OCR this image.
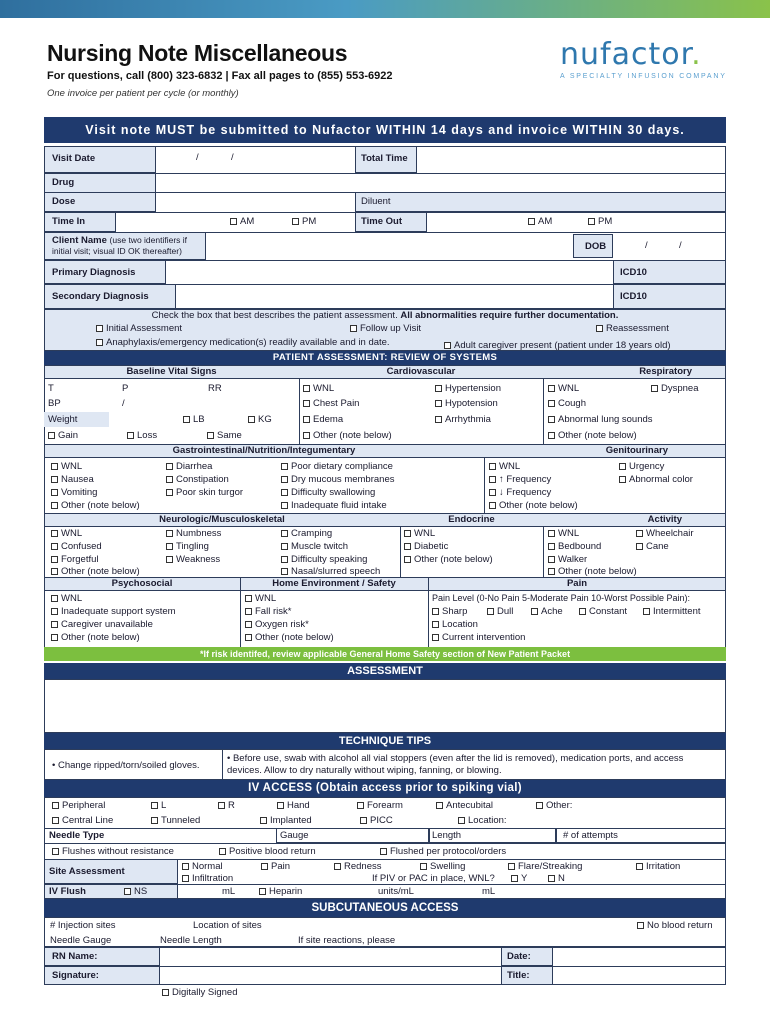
Nursing Note Miscellaneous
For questions, call (800) 323-6832 | Fax all pages to (855) 553-6922
One invoice per patient per cycle (or monthly)
nufactor.
A SPECIALTY INFUSION COMPANY
Visit note MUST be submitted to Nufactor WITHIN 14 days and invoice WITHIN 30 days.
Visit Date	/	/	Total Time
Drug
Dose	Diluent
Time In	AM	PM	Time Out	AM	PM
Client Name (use two identifiers if initial visit; visual ID OK thereafter)	DOB	/	/
Primary Diagnosis	ICD10
Secondary Diagnosis	ICD10
Check the box that best describes the patient assessment. All abnormalities require further documentation.
Initial Assessment	Follow up Visit	Reassessment
Anaphylaxis/emergency medication(s) readily available and in date.	Adult caregiver present (patient under 18 years old)
PATIENT ASSESSMENT: REVIEW OF SYSTEMS
Baseline Vital Signs	Cardiovascular	Respiratory
T	P	RR
BP	/
Weight	LB	KG
Gain	Loss	Same
WNL	Hypertension
Chest Pain	Hypotension
Edema	Arrhythmia
Other (note below)
WNL	Dyspnea
Cough
Abnormal lung sounds
Other (note below)
Gastrointestinal/Nutrition/Integumentary	Genitourinary
WNL	Diarrhea	Poor dietary compliance
Nausea	Constipation	Dry mucous membranes
Vomiting	Poor skin turgor	Difficulty swallowing
Other (note below)	Inadequate fluid intake
WNL	Urgency
↑ Frequency	Abnormal color
↓ Frequency
Other (note below)
Neurologic/Musculoskeletal	Endocrine	Activity
WNL	Numbness	Cramping
Confused	Tingling	Muscle twitch
Forgetful	Weakness	Difficulty speaking
Other (note below)	Nasal/slurred speech
WNL
Diabetic
Other (note below)
WNL	Wheelchair
Bedbound	Cane
Walker
Other (note below)
Psychosocial	Home Environment / Safety	Pain
WNL
Inadequate support system
Caregiver unavailable
Other (note below)
WNL
Fall risk*
Oxygen risk*
Other (note below)
Pain Level (0-No Pain 5-Moderate Pain 10-Worst Possible Pain):
Sharp	Dull	Ache	Constant	Intermittent
Location
Current intervention
*If risk identifed, review applicable General Home Safety section of New Patient Packet
ASSESSMENT
TECHNIQUE TIPS
• Change ripped/torn/soiled gloves.
• Before use, swab with alcohol all vial stoppers (even after the lid is removed), medication ports, and access devices. Allow to dry naturally without wiping, fanning, or blowing.
IV ACCESS (Obtain access prior to spiking vial)
Peripheral	L	R	Hand	Forearm	Antecubital	Other:
Central Line	Tunneled	Implanted	PICC	Location:
Needle Type	Gauge	Length	# of attempts
Flushes without resistance	Positive blood return	Flushed per protocol/orders
Site Assessment	Normal	Pain	Redness	Swelling	Flare/Streaking	Irritation
Infiltration	If PIV or PAC in place, WNL?	Y	N
IV Flush	NS	mL	Heparin	units/mL	mL
SUBCUTANEOUS ACCESS
# Injection sites	Location of sites	No blood return
Needle Gauge	Needle Length	If site reactions, please
RN Name:	Date:
Signature:	Title:
Digitally Signed
